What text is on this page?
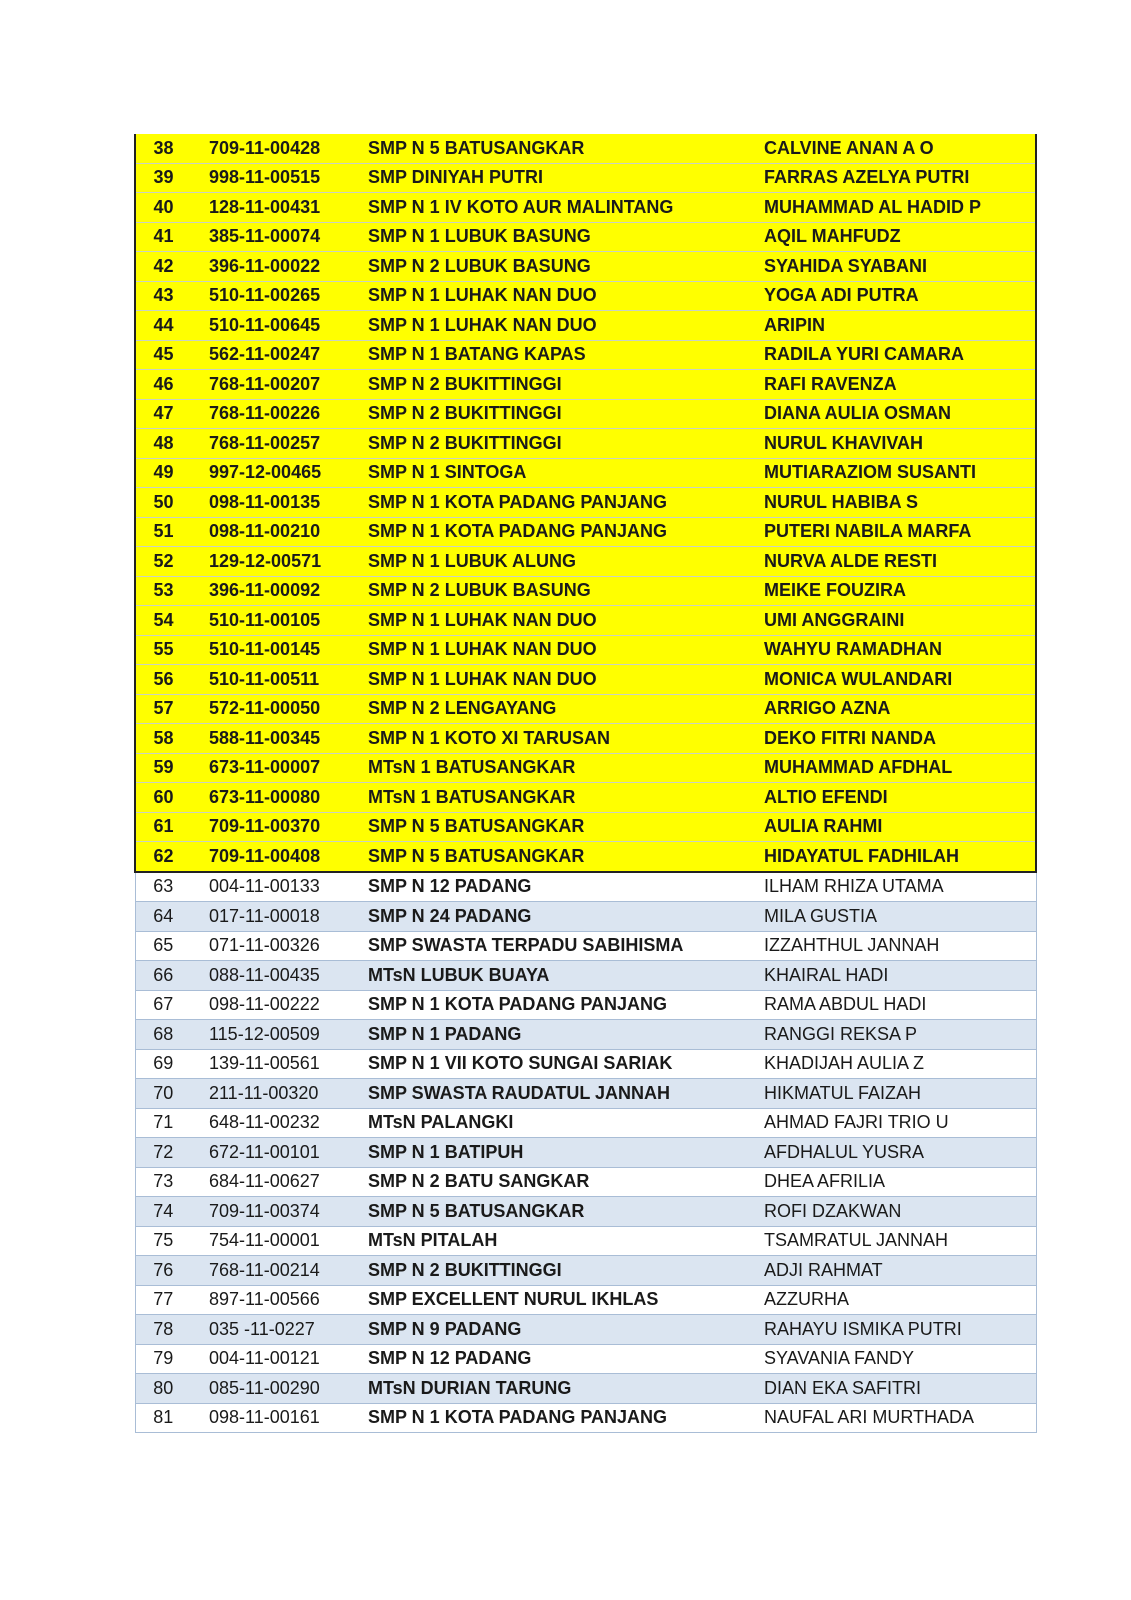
38	709-11-00428	SMP N 5 BATUSANGKAR	CALVINE ANAN A O
39	998-11-00515	SMP DINIYAH PUTRI	FARRAS AZELYA PUTRI
40	128-11-00431	SMP N 1 IV KOTO AUR MALINTANG	MUHAMMAD AL HADID P
41	385-11-00074	SMP N 1 LUBUK BASUNG	AQIL MAHFUDZ
42	396-11-00022	SMP N 2 LUBUK BASUNG	SYAHIDA SYABANI
43	510-11-00265	SMP N 1 LUHAK NAN DUO	YOGA ADI PUTRA
44	510-11-00645	SMP N 1 LUHAK NAN DUO	ARIPIN
45	562-11-00247	SMP N 1 BATANG KAPAS	RADILA YURI CAMARA
46	768-11-00207	SMP N 2 BUKITTINGGI	RAFI RAVENZA
47	768-11-00226	SMP N 2 BUKITTINGGI	DIANA AULIA OSMAN
48	768-11-00257	SMP N 2 BUKITTINGGI	NURUL KHAVIVAH
49	997-12-00465	SMP N 1 SINTOGA	MUTIARAZIOM SUSANTI
50	098-11-00135	SMP N 1 KOTA PADANG PANJANG	NURUL HABIBA S
51	098-11-00210	SMP N 1 KOTA PADANG PANJANG	PUTERI NABILA MARFA
52	129-12-00571	SMP N 1 LUBUK ALUNG	NURVA ALDE RESTI
53	396-11-00092	SMP N 2 LUBUK BASUNG	MEIKE FOUZIRA
54	510-11-00105	SMP N 1 LUHAK NAN DUO	UMI ANGGRAINI
55	510-11-00145	SMP N 1 LUHAK NAN DUO	WAHYU RAMADHAN
56	510-11-00511	SMP N 1 LUHAK NAN DUO	MONICA WULANDARI
57	572-11-00050	SMP N 2 LENGAYANG	ARRIGO AZNA
58	588-11-00345	SMP N 1 KOTO XI TARUSAN	DEKO FITRI NANDA
59	673-11-00007	MTsN 1 BATUSANGKAR	MUHAMMAD AFDHAL
60	673-11-00080	MTsN 1 BATUSANGKAR	ALTIO EFENDI
61	709-11-00370	SMP N 5 BATUSANGKAR	AULIA RAHMI
62	709-11-00408	SMP N 5 BATUSANGKAR	HIDAYATUL FADHILAH
63	004-11-00133	SMP N 12 PADANG	ILHAM RHIZA UTAMA
64	017-11-00018	SMP N 24 PADANG	MILA GUSTIA
65	071-11-00326	SMP SWASTA TERPADU SABIHISMA	IZZAHTHUL JANNAH
66	088-11-00435	MTsN LUBUK BUAYA	KHAIRAL HADI
67	098-11-00222	SMP N 1 KOTA PADANG PANJANG	RAMA ABDUL HADI
68	115-12-00509	SMP N 1 PADANG	RANGGI REKSA P
69	139-11-00561	SMP N 1 VII KOTO SUNGAI SARIAK	KHADIJAH AULIA Z
70	211-11-00320	SMP SWASTA RAUDATUL JANNAH	HIKMATUL FAIZAH
71	648-11-00232	MTsN PALANGKI	AHMAD FAJRI TRIO U
72	672-11-00101	SMP N 1 BATIPUH	AFDHALUL YUSRA
73	684-11-00627	SMP N 2 BATU SANGKAR	DHEA AFRILIA
74	709-11-00374	SMP N 5 BATUSANGKAR	ROFI DZAKWAN
75	754-11-00001	MTsN PITALAH	TSAMRATUL JANNAH
76	768-11-00214	SMP N 2 BUKITTINGGI	ADJI RAHMAT
77	897-11-00566	SMP EXCELLENT NURUL IKHLAS	AZZURHA
78	035 -11-0227	SMP N 9 PADANG	RAHAYU ISMIKA PUTRI
79	004-11-00121	SMP N 12 PADANG	SYAVANIA FANDY
80	085-11-00290	MTsN DURIAN TARUNG	DIAN EKA SAFITRI
81	098-11-00161	SMP N 1 KOTA PADANG PANJANG	NAUFAL ARI MURTHADA
